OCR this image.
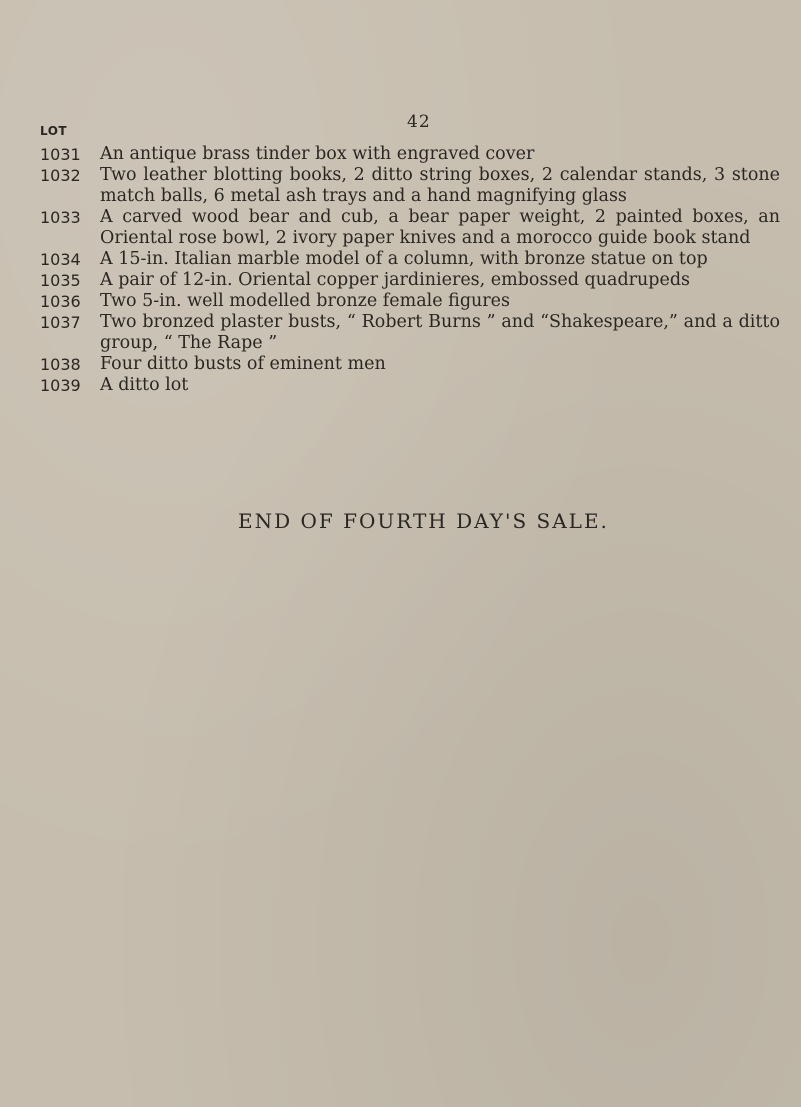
42
LOT
1031	An antique brass tinder box with engraved cover
1032	Two leather blotting books, 2 ditto string boxes, 2 calendar stands, 3 stone match balls, 6 metal ash trays and a hand magnifying glass
1033	A carved wood bear and cub, a bear paper weight, 2 painted boxes, an Oriental rose bowl, 2 ivory paper knives and a morocco guide book stand
1034	A 15-in. Italian marble model of a column, with bronze statue on top
1035	A pair of 12-in. Oriental copper jardinieres, embossed quadrupeds
1036	Two 5-in. well modelled bronze female figures
1037	Two bronzed plaster busts, “ Robert Burns ” and “Shakespeare,” and a ditto group, “ The Rape ”
1038	Four ditto busts of eminent men
1039	A ditto lot
END OF FOURTH DAY'S SALE.
